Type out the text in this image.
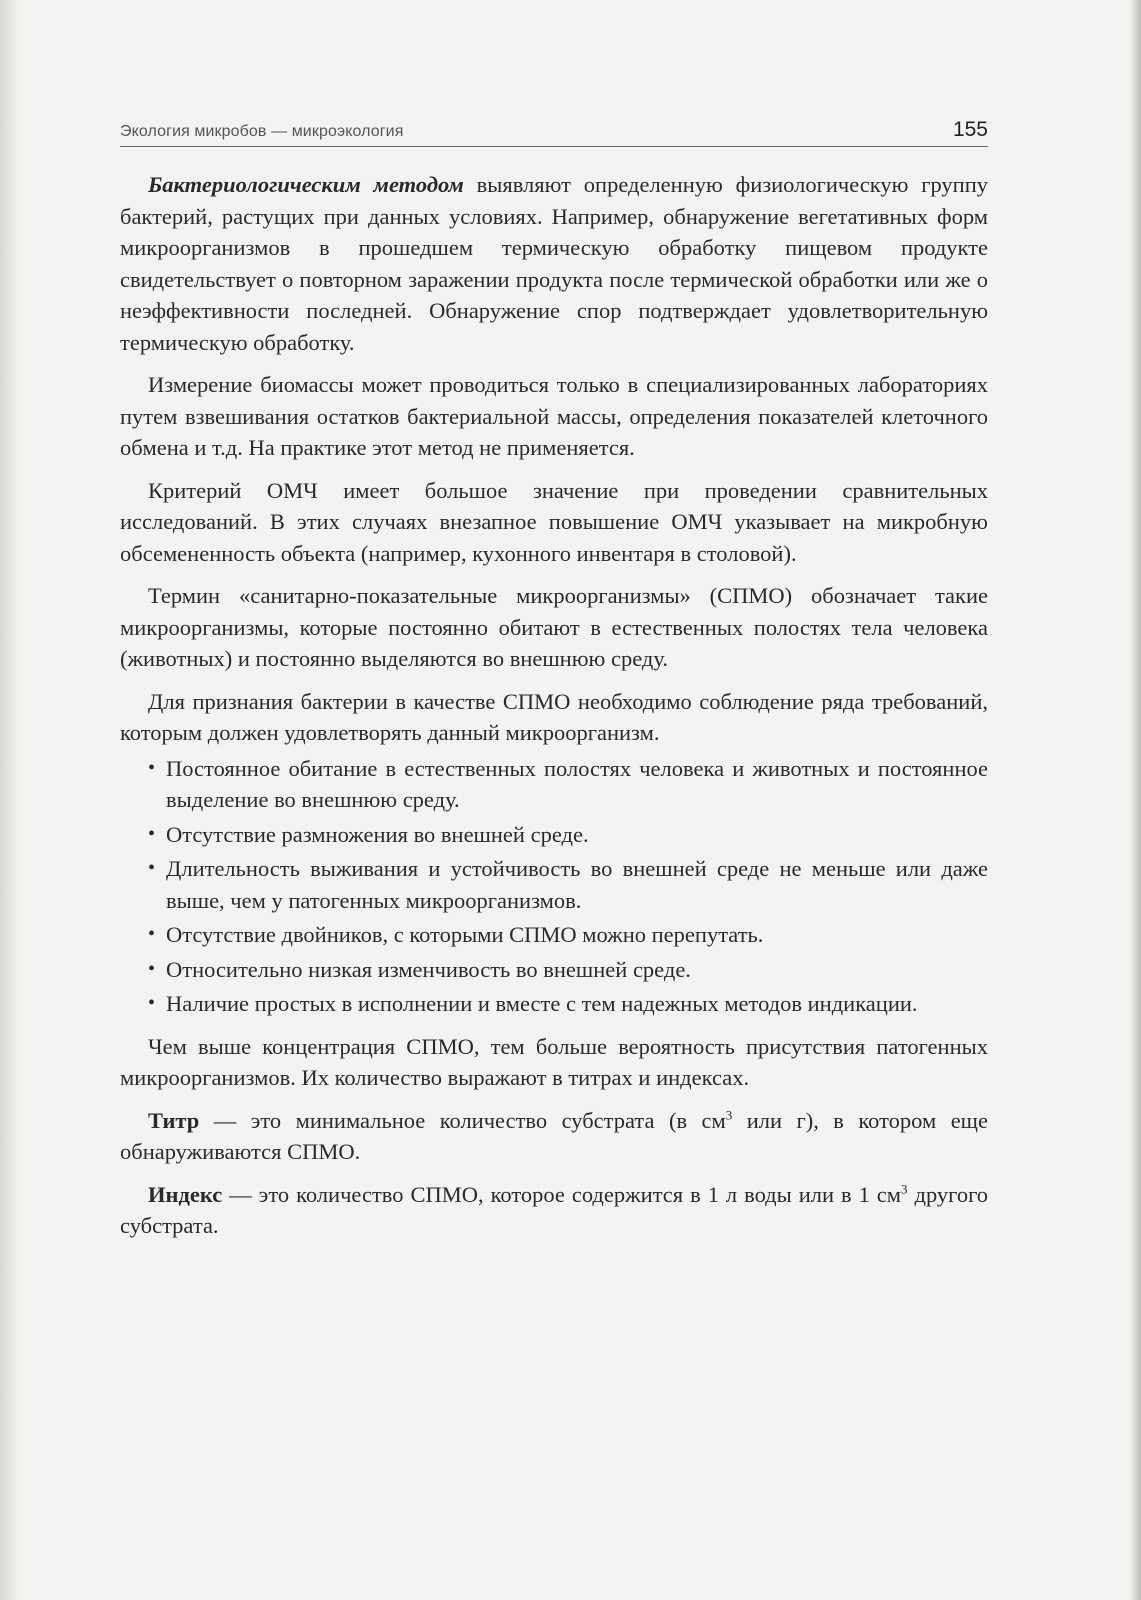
Экология микробов — микроэкология	155

Бактериологическим методом выявляют определенную физиологическую группу бактерий, растущих при данных условиях. Например, обнаружение вегетативных форм микроорганизмов в прошедшем термическую обработку пищевом продукте свидетельствует о повторном заражении продукта после термической обработки или же о неэффективности последней. Обнаружение спор подтверждает удовлетворительную термическую обработку.

Измерение биомассы может проводиться только в специализированных лабораториях путем взвешивания остатков бактериальной массы, определения показателей клеточного обмена и т.д. На практике этот метод не применяется.

Критерий ОМЧ имеет большое значение при проведении сравнительных исследований. В этих случаях внезапное повышение ОМЧ указывает на микробную обсемененность объекта (например, кухонного инвентаря в столовой).

Термин «санитарно-показательные микроорганизмы» (СПМО) обозначает такие микроорганизмы, которые постоянно обитают в естественных полостях тела человека (животных) и постоянно выделяются во внешнюю среду.

Для признания бактерии в качестве СПМО необходимо соблюдение ряда требований, которым должен удовлетворять данный микроорганизм.

• Постоянное обитание в естественных полостях человека и животных и постоянное выделение во внешнюю среду.
• Отсутствие размножения во внешней среде.
• Длительность выживания и устойчивость во внешней среде не меньше или даже выше, чем у патогенных микроорганизмов.
• Отсутствие двойников, с которыми СПМО можно перепутать.
• Относительно низкая изменчивость во внешней среде.
• Наличие простых в исполнении и вместе с тем надежных методов индикации.

Чем выше концентрация СПМО, тем больше вероятность присутствия патогенных микроорганизмов. Их количество выражают в титрах и индексах.

Титр — это минимальное количество субстрата (в $см^3$ или г), в котором еще обнаруживаются СПМО.

Индекс — это количество СПМО, которое содержится в 1 л воды или в 1 $см^3$ другого субстрата.
